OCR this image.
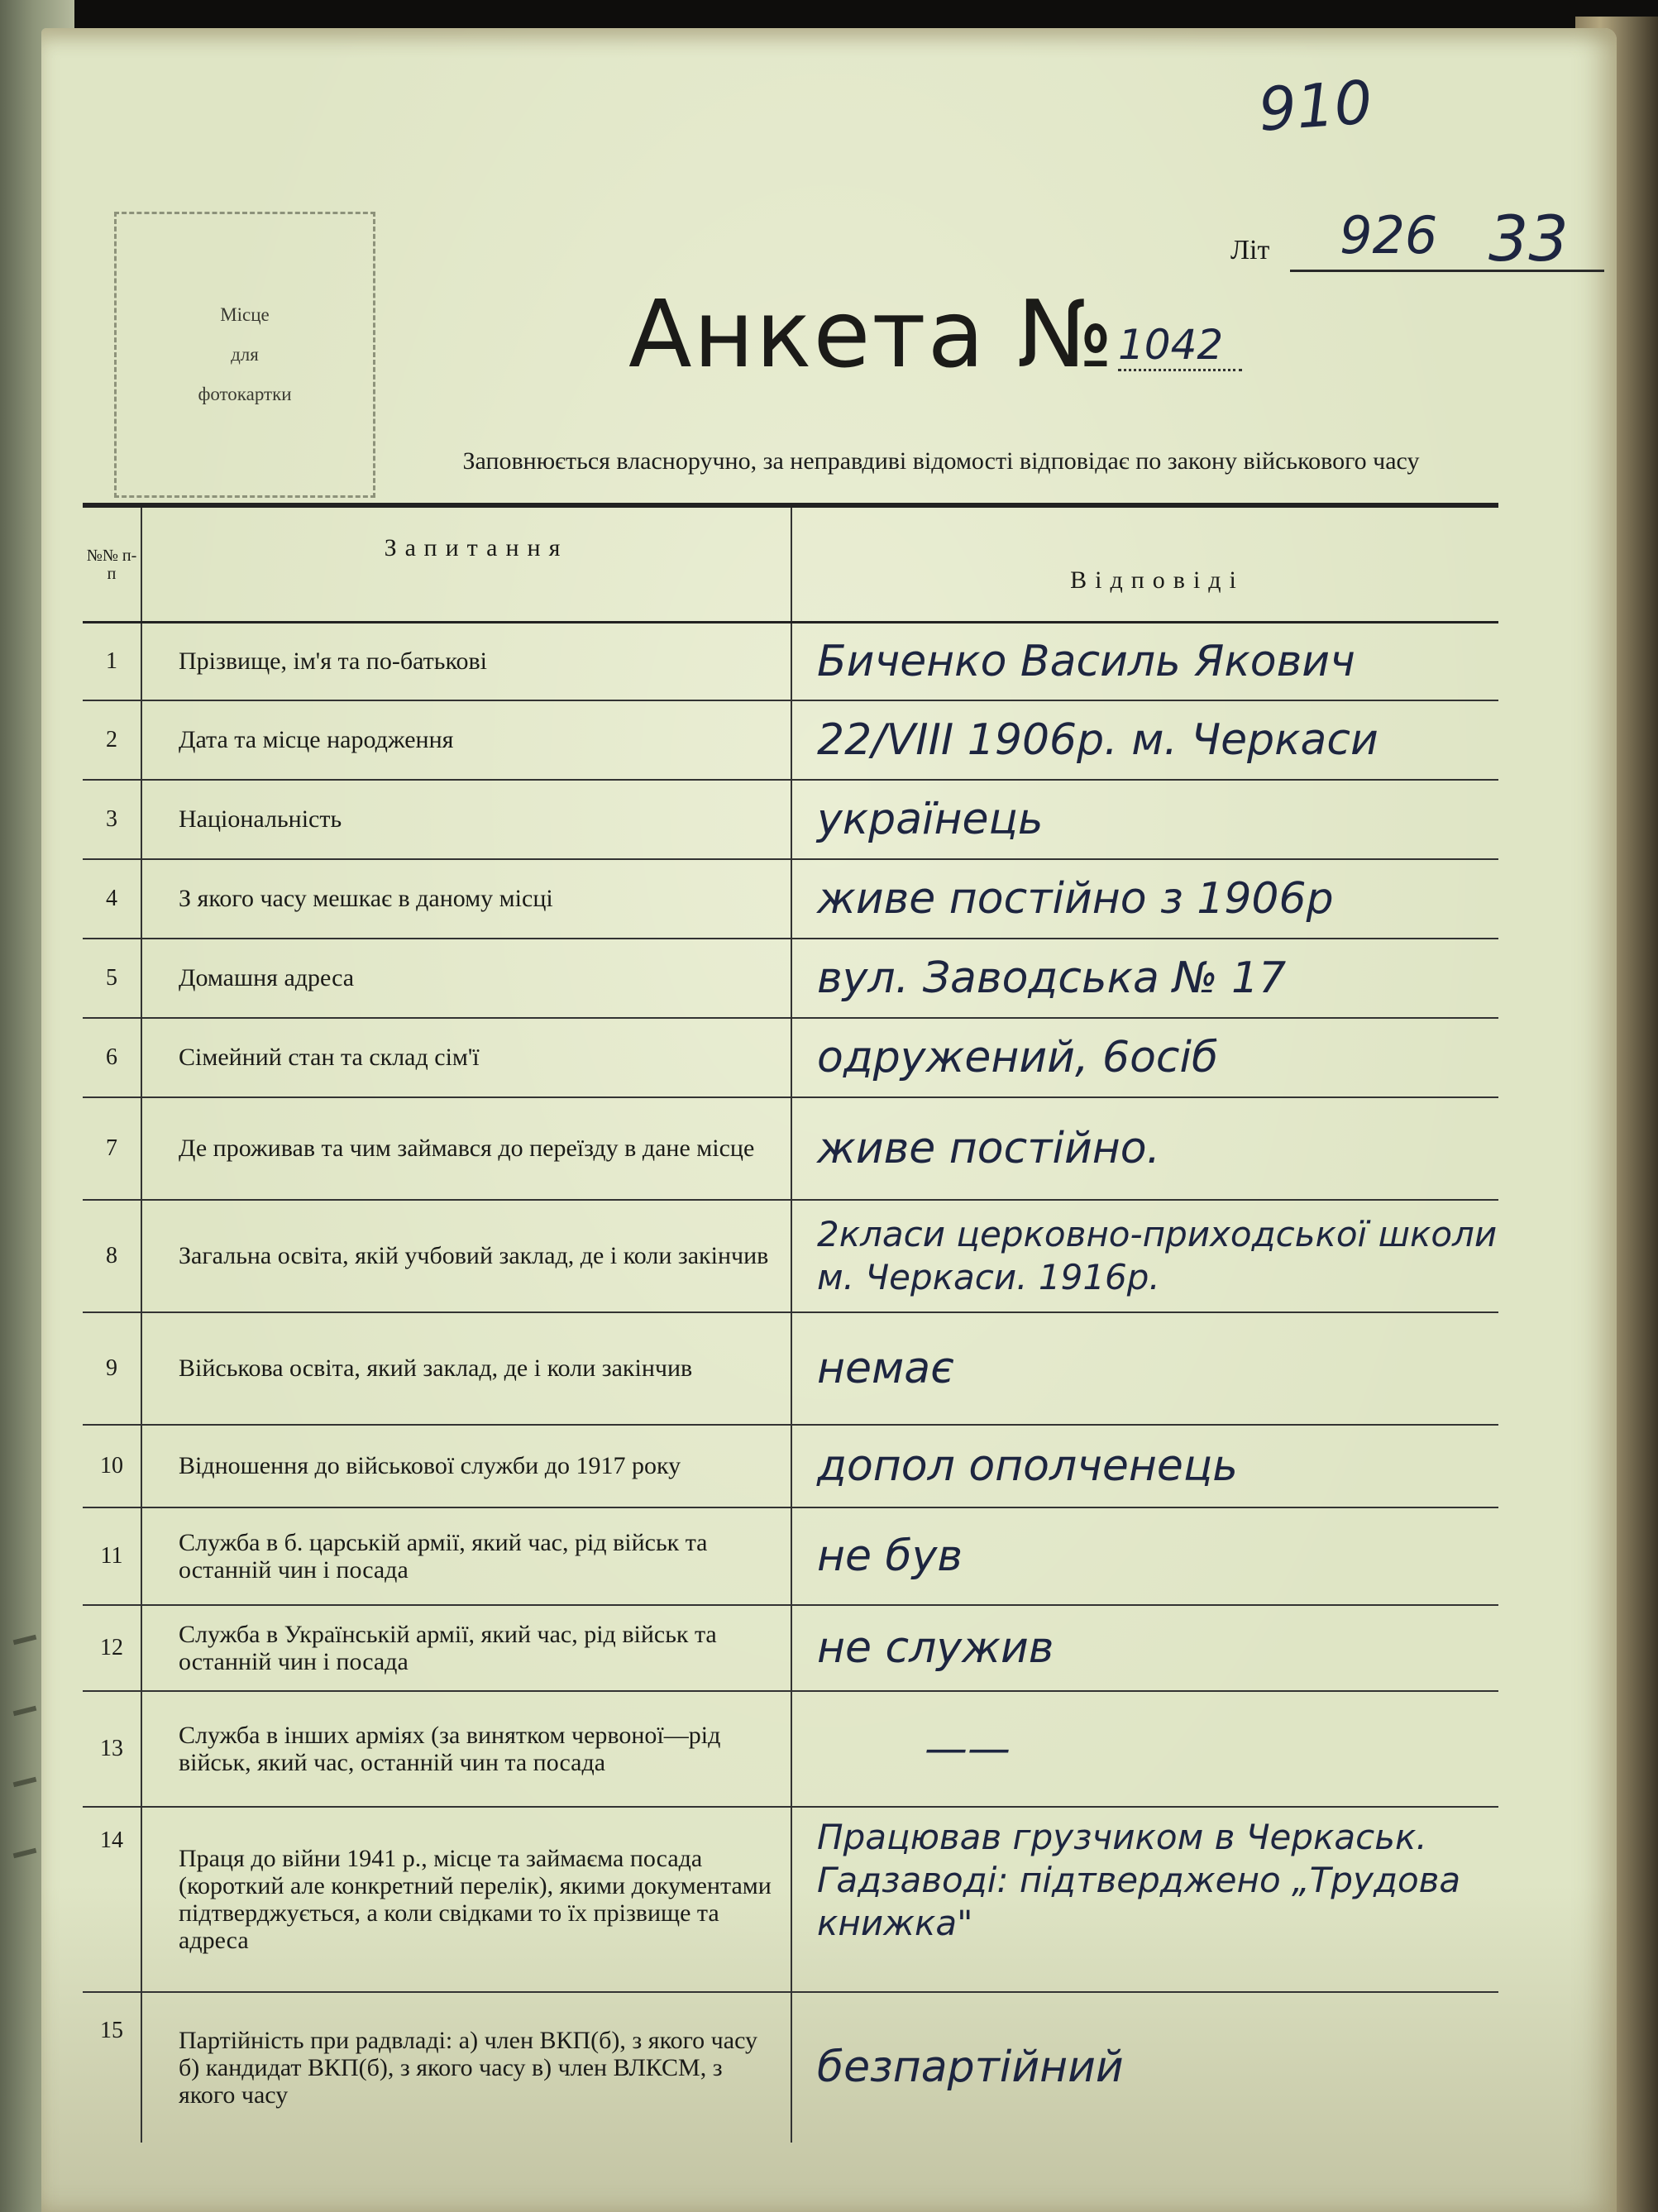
910
Літ 926 33
Місце
для
фотокартки
Анкета № 1042
Заповнюється власноручно, за неправдиві відомості відповідає по закону військового часу
№№ п-п	Запитання	Відповіді
1	Прізвище, ім'я та по-батькові	Биченко Василь Якович
2	Дата та місце народження	22/VIII 1906р. м. Черкаси
3	Національність	українець
4	З якого часу мешкає в даному місці	живе постійно з 1906р
5	Домашня адреса	вул. Заводська № 17
6	Сімейний стан та склад сім'ї	одружений, 6осіб
7	Де проживав та чим займався до переїзду в дане місце	живе постійно.
8	Загальна освіта, якій учбовий заклад, де і коли закінчив	2класи церковно-приходської школи м. Черкаси. 1916р.
9	Військова освіта, який заклад, де і коли закінчив	немає
10	Відношення до військової служби до 1917 року	допол ополченець
11	Служба в б. царській армії, який час, рід військ та останній чин і посада	не був
12	Служба в Українській армії, який час, рід військ та останній чин і посада	не служив
13	Служба в інших арміях (за винятком червоної—рід військ, який час, останній чин та посада	——
14	Праця до війни 1941 р., місце та займаєма посада (короткий але конкретний перелік), якими документами підтверджується, а коли свідками то їх прізвище та адреса	Працював грузчиком в Черкаськ. Гадзаводі: підтверджено „Трудова книжка"
15	Партійність при радвладі: а) член ВКП(б), з якого часу б) кандидат ВКП(б), з якого часу в) член ВЛКСМ, з якого часу	безпартійний
